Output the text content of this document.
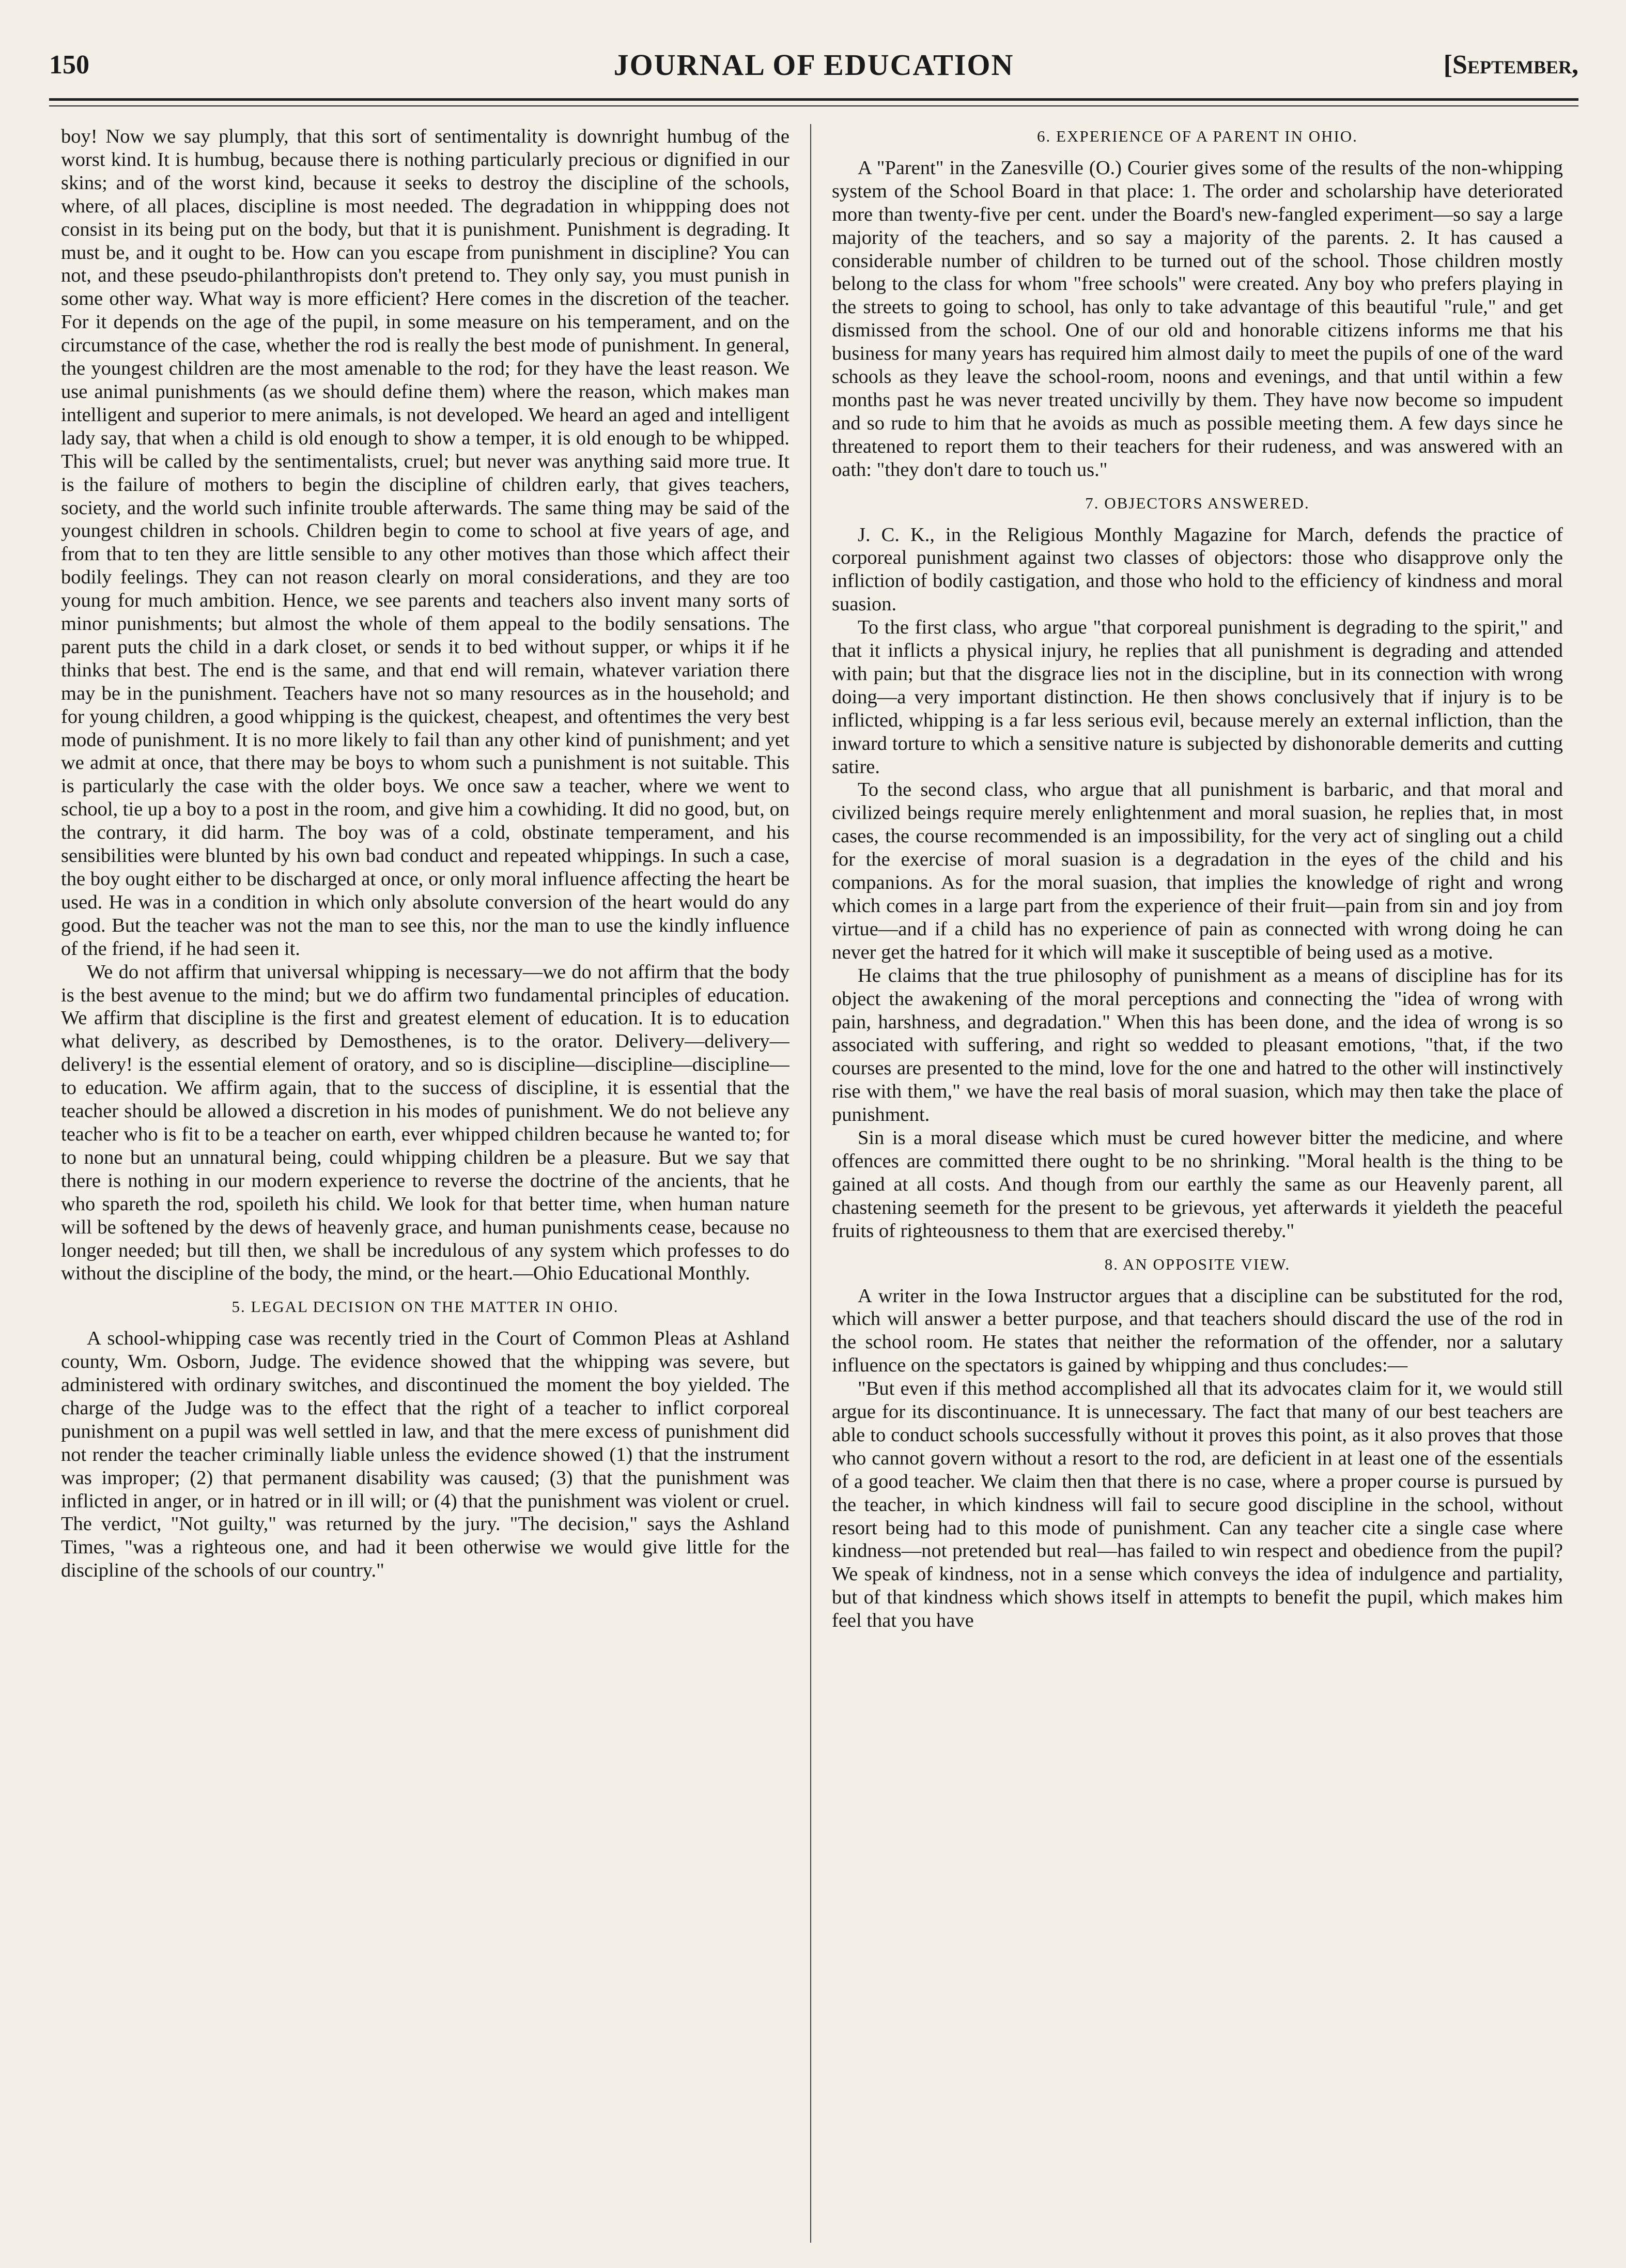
150	JOURNAL OF EDUCATION	[September,

boy! Now we say plumply, that this sort of sentimentality is downright humbug of the worst kind. It is humbug, because there is nothing particularly precious or dignified in our skins; and of the worst kind, because it seeks to destroy the discipline of the schools, where, of all places, discipline is most needed. The degradation in whippping does not consist in its being put on the body, but that it is punishment. Punishment is degrading. It must be, and it ought to be. How can you escape from punishment in discipline? You can not, and these pseudo-philanthropists don't pretend to. They only say, you must punish in some other way. What way is more efficient? Here comes in the discretion of the teacher. For it depends on the age of the pupil, in some measure on his temperament, and on the circumstance of the case, whether the rod is really the best mode of punishment. In general, the youngest children are the most amenable to the rod; for they have the least reason. We use animal punishments (as we should define them) where the reason, which makes man intelligent and superior to mere animals, is not developed. We heard an aged and intelligent lady say, that when a child is old enough to show a temper, it is old enough to be whipped. This will be called by the sentimentalists, cruel; but never was anything said more true. It is the failure of mothers to begin the discipline of children early, that gives teachers, society, and the world such infinite trouble afterwards. The same thing may be said of the youngest children in schools. Children begin to come to school at five years of age, and from that to ten they are little sensible to any other motives than those which affect their bodily feelings. They can not reason clearly on moral considerations, and they are too young for much ambition. Hence, we see parents and teachers also invent many sorts of minor punishments; but almost the whole of them appeal to the bodily sensations. The parent puts the child in a dark closet, or sends it to bed without supper, or whips it if he thinks that best. The end is the same, and that end will remain, whatever variation there may be in the punishment. Teachers have not so many resources as in the household; and for young children, a good whipping is the quickest, cheapest, and oftentimes the very best mode of punishment. It is no more likely to fail than any other kind of punishment; and yet we admit at once, that there may be boys to whom such a punishment is not suitable. This is particularly the case with the older boys. We once saw a teacher, where we went to school, tie up a boy to a post in the room, and give him a cowhiding. It did no good, but, on the contrary, it did harm. The boy was of a cold, obstinate temperament, and his sensibilities were blunted by his own bad conduct and repeated whippings. In such a case, the boy ought either to be discharged at once, or only moral influence affecting the heart be used. He was in a condition in which only absolute conversion of the heart would do any good. But the teacher was not the man to see this, nor the man to use the kindly influence of the friend, if he had seen it.

We do not affirm that universal whipping is necessary—we do not affirm that the body is the best avenue to the mind; but we do affirm two fundamental principles of education. We affirm that discipline is the first and greatest element of education. It is to education what delivery, as described by Demosthenes, is to the orator. Delivery—delivery—delivery! is the essential element of oratory, and so is discipline—discipline—discipline—to education. We affirm again, that to the success of discipline, it is essential that the teacher should be allowed a discretion in his modes of punishment. We do not believe any teacher who is fit to be a teacher on earth, ever whipped children because he wanted to; for to none but an unnatural being, could whipping children be a pleasure. But we say that there is nothing in our modern experience to reverse the doctrine of the ancients, that he who spareth the rod, spoileth his child. We look for that better time, when human nature will be softened by the dews of heavenly grace, and human punishments cease, because no longer needed; but till then, we shall be incredulous of any system which professes to do without the discipline of the body, the mind, or the heart.—Ohio Educational Monthly.

5. LEGAL DECISION ON THE MATTER IN OHIO.

A school-whipping case was recently tried in the Court of Common Pleas at Ashland county, Wm. Osborn, Judge. The evidence showed that the whipping was severe, but administered with ordinary switches, and discontinued the moment the boy yielded. The charge of the Judge was to the effect that the right of a teacher to inflict corporeal punishment on a pupil was well settled in law, and that the mere excess of punishment did not render the teacher criminally liable unless the evidence showed (1) that the instrument was improper; (2) that permanent disability was caused; (3) that the punishment was inflicted in anger, or in hatred or in ill will; or (4) that the punishment was violent or cruel. The verdict, "Not guilty," was returned by the jury. "The decision," says the Ashland Times, "was a righteous one, and had it been otherwise we would give little for the discipline of the schools of our country."

6. EXPERIENCE OF A PARENT IN OHIO.

A "Parent" in the Zanesville (O.) Courier gives some of the results of the non-whipping system of the School Board in that place: 1. The order and scholarship have deteriorated more than twenty-five per cent. under the Board's new-fangled experiment—so say a large majority of the teachers, and so say a majority of the parents. 2. It has caused a considerable number of children to be turned out of the school. Those children mostly belong to the class for whom "free schools" were created. Any boy who prefers playing in the streets to going to school, has only to take advantage of this beautiful "rule," and get dismissed from the school. One of our old and honorable citizens informs me that his business for many years has required him almost daily to meet the pupils of one of the ward schools as they leave the school-room, noons and evenings, and that until within a few months past he was never treated uncivilly by them. They have now become so impudent and so rude to him that he avoids as much as possible meeting them. A few days since he threatened to report them to their teachers for their rudeness, and was answered with an oath: "they don't dare to touch us."

7. OBJECTORS ANSWERED.

J. C. K., in the Religious Monthly Magazine for March, defends the practice of corporeal punishment against two classes of objectors: those who disapprove only the infliction of bodily castigation, and those who hold to the efficiency of kindness and moral suasion.

To the first class, who argue "that corporeal punishment is degrading to the spirit," and that it inflicts a physical injury, he replies that all punishment is degrading and attended with pain; but that the disgrace lies not in the discipline, but in its connection with wrong doing—a very important distinction. He then shows conclusively that if injury is to be inflicted, whipping is a far less serious evil, because merely an external infliction, than the inward torture to which a sensitive nature is subjected by dishonorable demerits and cutting satire.

To the second class, who argue that all punishment is barbaric, and that moral and civilized beings require merely enlightenment and moral suasion, he replies that, in most cases, the course recommended is an impossibility, for the very act of singling out a child for the exercise of moral suasion is a degradation in the eyes of the child and his companions. As for the moral suasion, that implies the knowledge of right and wrong which comes in a large part from the experience of their fruit—pain from sin and joy from virtue—and if a child has no experience of pain as connected with wrong doing he can never get the hatred for it which will make it susceptible of being used as a motive.

He claims that the true philosophy of punishment as a means of discipline has for its object the awakening of the moral perceptions and connecting the "idea of wrong with pain, harshness, and degradation." When this has been done, and the idea of wrong is so associated with suffering, and right so wedded to pleasant emotions, "that, if the two courses are presented to the mind, love for the one and hatred to the other will instinctively rise with them," we have the real basis of moral suasion, which may then take the place of punishment.

Sin is a moral disease which must be cured however bitter the medicine, and where offences are committed there ought to be no shrinking. "Moral health is the thing to be gained at all costs. And though from our earthly the same as our Heavenly parent, all chastening seemeth for the present to be grievous, yet afterwards it yieldeth the peaceful fruits of righteousness to them that are exercised thereby."

8. AN OPPOSITE VIEW.

A writer in the Iowa Instructor argues that a discipline can be substituted for the rod, which will answer a better purpose, and that teachers should discard the use of the rod in the school room. He states that neither the reformation of the offender, nor a salutary influence on the spectators is gained by whipping and thus concludes:—

"But even if this method accomplished all that its advocates claim for it, we would still argue for its discontinuance. It is unnecessary. The fact that many of our best teachers are able to conduct schools successfully without it proves this point, as it also proves that those who cannot govern without a resort to the rod, are deficient in at least one of the essentials of a good teacher. We claim then that there is no case, where a proper course is pursued by the teacher, in which kindness will fail to secure good discipline in the school, without resort being had to this mode of punishment. Can any teacher cite a single case where kindness—not pretended but real—has failed to win respect and obedience from the pupil? We speak of kindness, not in a sense which conveys the idea of indulgence and partiality, but of that kindness which shows itself in attempts to benefit the pupil, which makes him feel that you have
